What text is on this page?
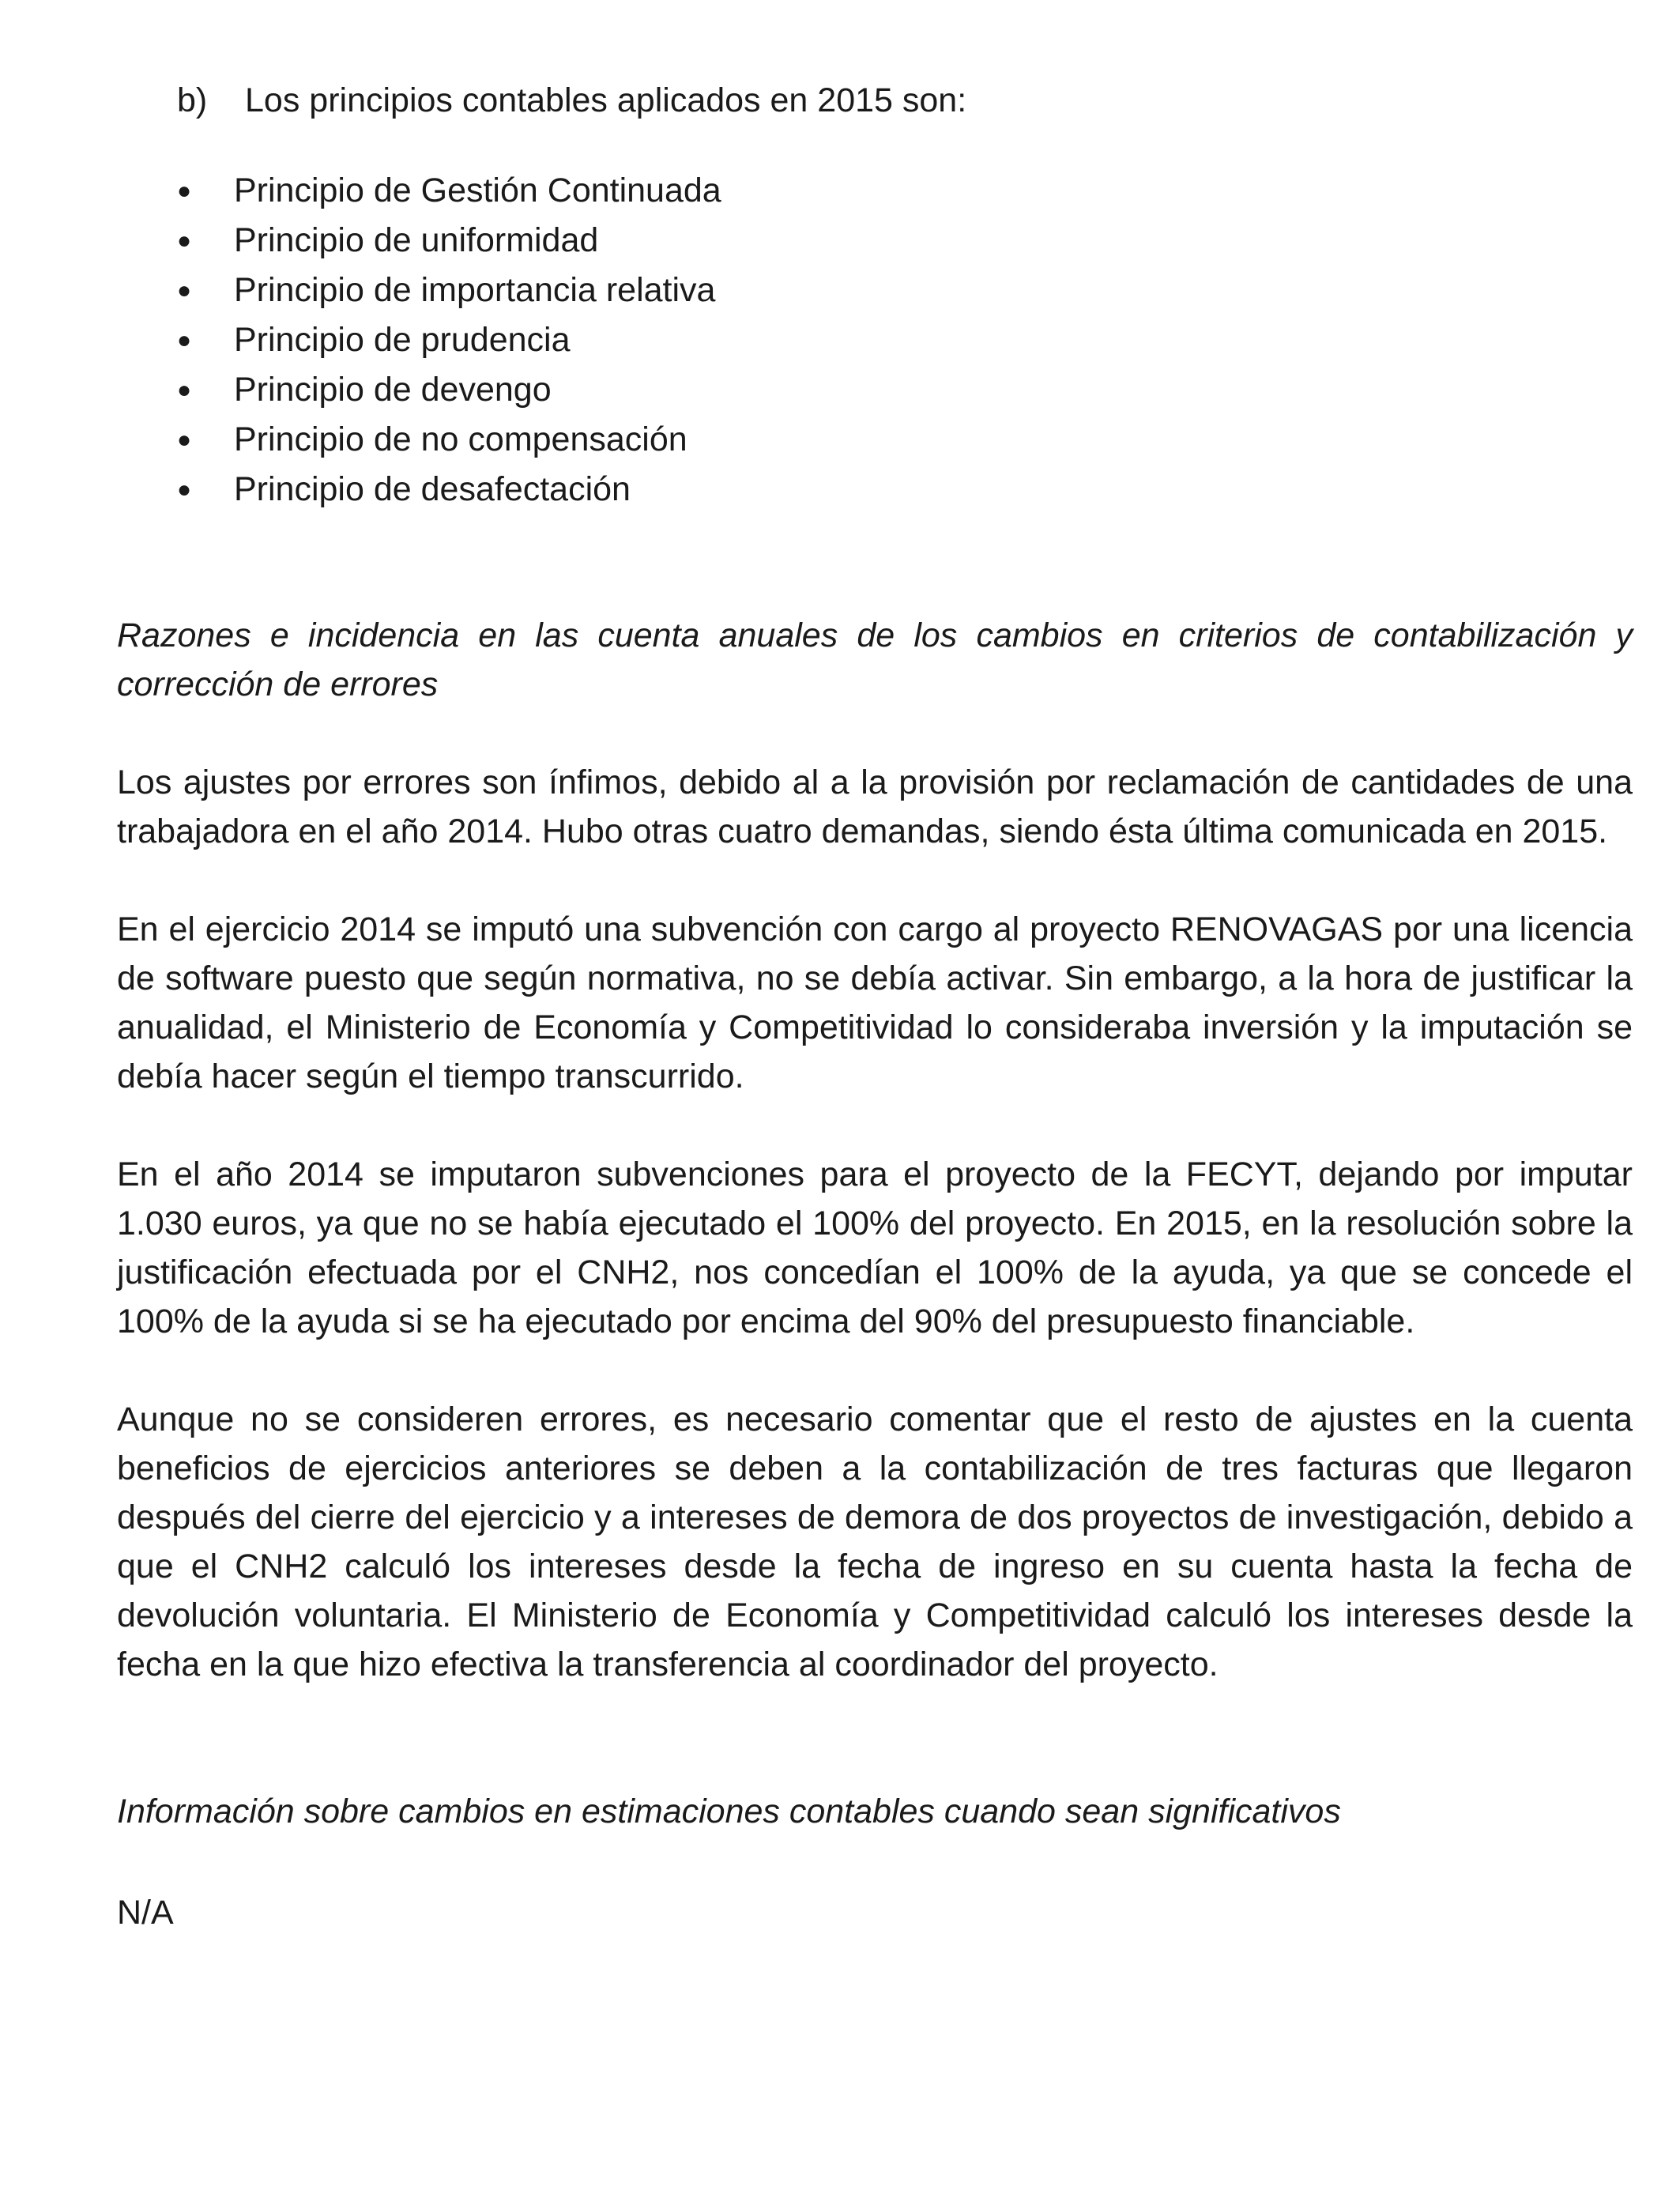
b) Los principios contables aplicados en 2015 son:
●	Principio de Gestión Continuada
●	Principio de uniformidad
●	Principio de importancia relativa
●	Principio de prudencia
●	Principio de devengo
●	Principio de no compensación
●	Principio de desafectación

Razones e incidencia en las cuenta anuales de los cambios en criterios de contabilización y corrección de errores

Los ajustes por errores son ínfimos, debido al a la provisión por reclamación de cantidades de una trabajadora en el año 2014. Hubo otras cuatro demandas, siendo ésta última comunicada en 2015.

En el ejercicio 2014 se imputó una subvención con cargo al proyecto RENOVAGAS por una licencia de software puesto que según normativa, no se debía activar. Sin embargo, a la hora de justificar la anualidad, el Ministerio de Economía y Competitividad lo consideraba inversión y la imputación se debía hacer según el tiempo transcurrido.

En el año 2014 se imputaron subvenciones para el proyecto de la FECYT, dejando por imputar 1.030 euros, ya que no se había ejecutado el 100% del proyecto. En 2015, en la resolución sobre la justificación efectuada por el CNH2, nos concedían el 100% de la ayuda, ya que se concede el 100% de la ayuda si se ha ejecutado por encima del 90% del presupuesto financiable.

Aunque no se consideren errores, es necesario comentar que el resto de ajustes en la cuenta beneficios de ejercicios anteriores se deben a la contabilización de tres facturas que llegaron después del cierre del ejercicio y a intereses de demora de dos proyectos de investigación, debido a que el CNH2 calculó los intereses desde la fecha de ingreso en su cuenta hasta la fecha de devolución voluntaria. El Ministerio de Economía y Competitividad calculó los intereses desde la fecha en la que hizo efectiva la transferencia al coordinador del proyecto.

Información sobre cambios en estimaciones contables cuando sean significativos

N/A
